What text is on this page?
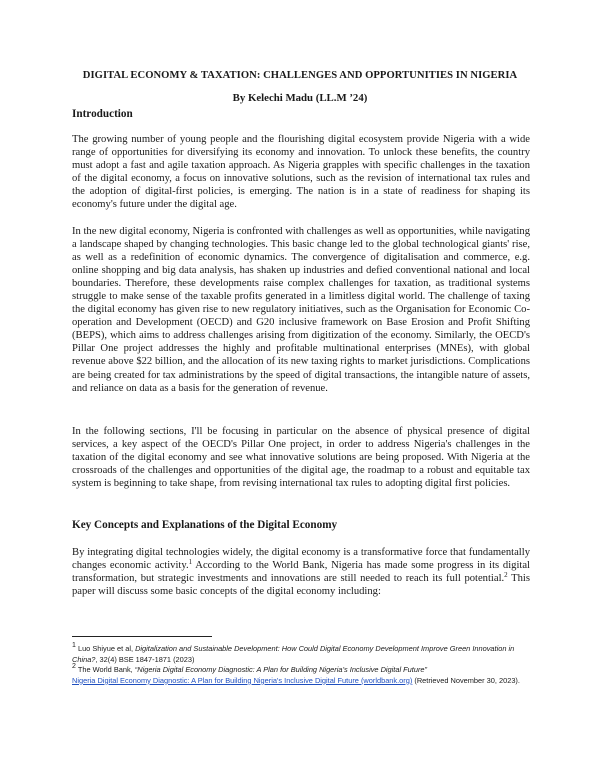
DIGITAL ECONOMY & TAXATION: CHALLENGES AND OPPORTUNITIES IN NIGERIA
By Kelechi Madu (LL.M ’24)
Introduction

The growing number of young people and the flourishing digital ecosystem provide Nigeria with a wide range of opportunities for diversifying its economy and innovation. To unlock these benefits, the country must adopt a fast and agile taxation approach. As Nigeria grapples with specific challenges in the taxation of the digital economy, a focus on innovative solutions, such as the revision of international tax rules and the adoption of digital-first policies, is emerging. The nation is in a state of readiness for shaping its economy's future under the digital age.

In the new digital economy, Nigeria is confronted with challenges as well as opportunities, while navigating a landscape shaped by changing technologies. This basic change led to the global technological giants' rise, as well as a redefinition of economic dynamics. The convergence of digitalisation and commerce, e.g. online shopping and big data analysis, has shaken up industries and defied conventional national and local boundaries. Therefore, these developments raise complex challenges for taxation, as traditional systems struggle to make sense of the taxable profits generated in a limitless digital world. The challenge of taxing the digital economy has given rise to new regulatory initiatives, such as the Organisation for Economic Co-operation and Development (OECD) and G20 inclusive framework on Base Erosion and Profit Shifting (BEPS), which aims to address challenges arising from digitization of the economy. Similarly, the OECD's Pillar One project addresses the highly and profitable multinational enterprises (MNEs), with global revenue above $22 billion, and the allocation of its new taxing rights to market jurisdictions. Complications are being created for tax administrations by the speed of digital transactions, the intangible nature of assets, and reliance on data as a basis for the generation of revenue.

In the following sections, I'll be focusing in particular on the absence of physical presence of digital services, a key aspect of the OECD's Pillar One project, in order to address Nigeria's challenges in the taxation of the digital economy and see what innovative solutions are being proposed. With Nigeria at the crossroads of the challenges and opportunities of the digital age, the roadmap to a robust and equitable tax system is beginning to take shape, from revising international tax rules to adopting digital first policies.

Key Concepts and Explanations of the Digital Economy

By integrating digital technologies widely, the digital economy is a transformative force that fundamentally changes economic activity.$^1$ According to the World Bank, Nigeria has made some progress in its digital transformation, but strategic investments and innovations are still needed to reach its full potential.$^2$ This paper will discuss some basic concepts of the digital economy including:

$^1$ Luo Shiyue et al, Digitalization and Sustainable Development: How Could Digital Economy Development Improve Green Innovation in China?, 32(4) BSE 1847-1871 (2023)

$^2$ The World Bank, “Nigeria Digital Economy Diagnostic: A Plan for Building Nigeria’s Inclusive Digital Future”
Nigeria Digital Economy Diagnostic: A Plan for Building Nigeria's Inclusive Digital Future (worldbank.org) (Retrieved November 30, 2023).
